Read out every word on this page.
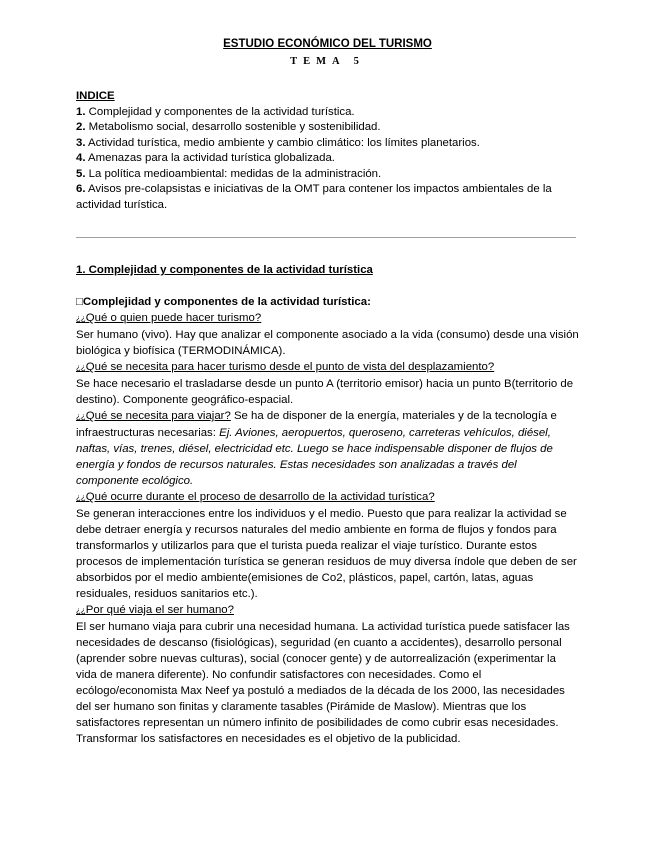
ESTUDIO ECONÓMICO DEL TURISMO
TEMA 5
INDICE
1. Complejidad y componentes de la actividad turística.
2. Metabolismo social, desarrollo sostenible y sostenibilidad.
3. Actividad turística, medio ambiente y cambio climático: los límites planetarios.
4. Amenazas para la actividad turística globalizada.
5. La política medioambiental: medidas de la administración.
6. Avisos pre-colapsistas e iniciativas de la OMT para contener los impactos ambientales de la actividad turística.
1. Complejidad y componentes de la actividad turística
□Complejidad y componentes de la actividad turística:

¿¿Qué o quien puede hacer turismo?

Ser humano (vivo). Hay que analizar el componente asociado a la vida (consumo) desde una visión biológica y biofísica (TERMODINÁMICA).

¿¿Qué se necesita para hacer turismo desde el punto de vista del desplazamiento?

Se hace necesario el trasladarse desde un punto A (territorio emisor) hacia un punto B(territorio de destino). Componente geográfico-espacial.

¿¿Qué se necesita para viajar? Se ha de disponer de la energía, materiales y de la tecnología e infraestructuras necesarias: Ej. Aviones, aeropuertos, queroseno, carreteras vehículos, diésel, naftas, vías, trenes, diésel, electricidad etc. Luego se hace indispensable disponer de flujos de energía y fondos de recursos naturales. Estas necesidades son analizadas a través del componente ecológico.

¿¿Qué ocurre durante el proceso de desarrollo de la actividad turística?

Se generan interacciones entre los individuos y el medio. Puesto que para realizar la actividad se debe detraer energía y recursos naturales del medio ambiente en forma de flujos y fondos para transformarlos y utilizarlos para que el turista pueda realizar el viaje turístico. Durante estos procesos de implementación turística se generan residuos de muy diversa índole que deben de ser absorbidos por el medio ambiente(emisiones de Co2, plásticos, papel, cartón, latas, aguas residuales, residuos sanitarios etc.).

¿¿Por qué viaja el ser humano?

El ser humano viaja para cubrir una necesidad humana. La actividad turística puede satisfacer las necesidades de descanso (fisiológicas), seguridad (en cuanto a accidentes), desarrollo personal (aprender sobre nuevas culturas), social (conocer gente) y de autorrealización (experimentar la vida de manera diferente). No confundir satisfactores con necesidades. Como el ecólogo/economista Max Neef ya postuló a mediados de la década de los 2000, las necesidades del ser humano son finitas y claramente tasables (Pirámide de Maslow). Mientras que los satisfactores representan un número infinito de posibilidades de como cubrir esas necesidades. Transformar los satisfactores en necesidades es el objetivo de la publicidad.
